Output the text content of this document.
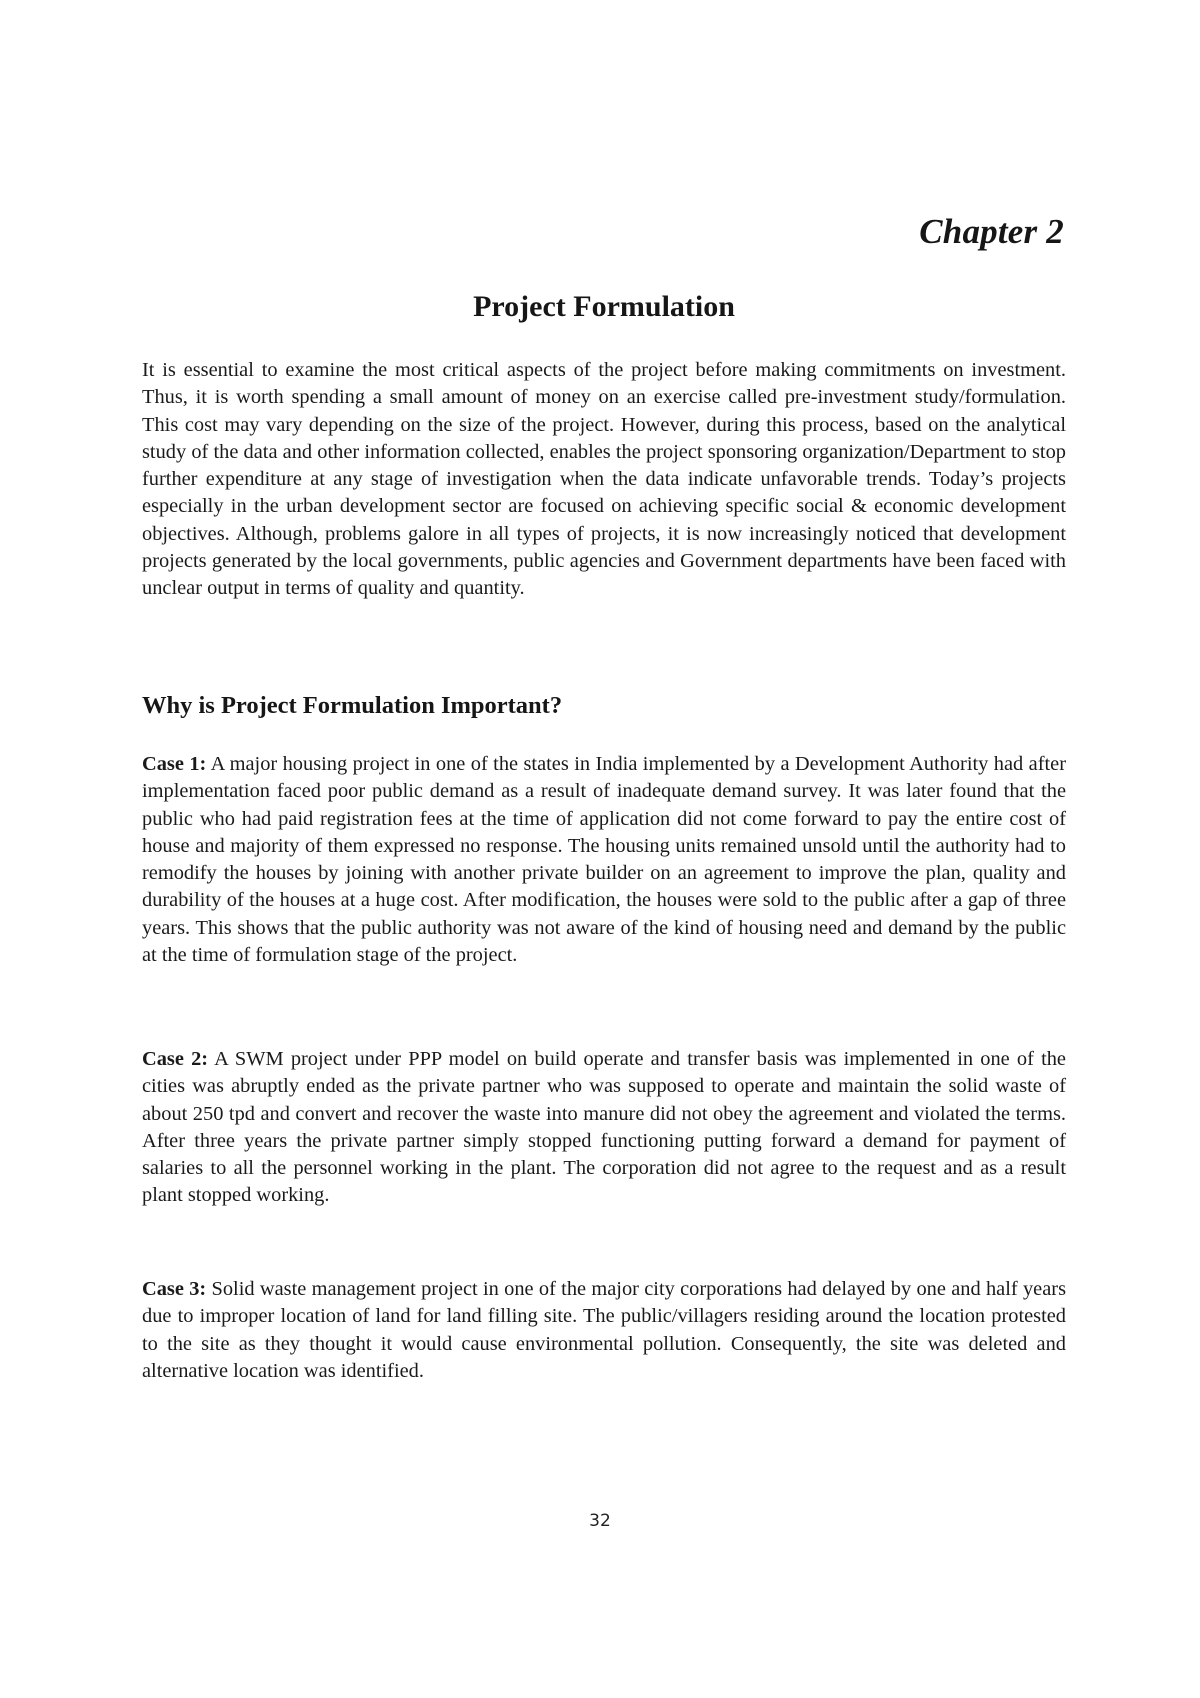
Chapter 2
Project Formulation

It is essential to examine the most critical aspects of the project before making commitments on investment. Thus, it is worth spending a small amount of money on an exercise called pre-investment study/formulation. This cost may vary depending on the size of the project. However, during this process, based on the analytical study of the data and other information collected, enables the project sponsoring organization/Department to stop further expenditure at any stage of investigation when the data indicate unfavorable trends. Today’s projects especially in the urban development sector are focused on achieving specific social & economic development objectives. Although, problems galore in all types of projects, it is now increasingly noticed that development projects generated by the local governments, public agencies and Government departments have been faced with unclear output in terms of quality and quantity.

Why is Project Formulation Important?

Case 1: A major housing project in one of the states in India implemented by a Development Authority had after implementation faced poor public demand as a result of inadequate demand survey. It was later found that the public who had paid registration fees at the time of application did not come forward to pay the entire cost of house and majority of them expressed no response. The housing units remained unsold until the authority had to remodify the houses by joining with another private builder on an agreement to improve the plan, quality and durability of the houses at a huge cost. After modification, the houses were sold to the public after a gap of three years. This shows that the public authority was not aware of the kind of housing need and demand by the public at the time of formulation stage of the project.

Case 2: A SWM project under PPP model on build operate and transfer basis was implemented in one of the cities was abruptly ended as the private partner who was supposed to operate and maintain the solid waste of about 250 tpd and convert and recover the waste into manure did not obey the agreement and violated the terms. After three years the private partner simply stopped functioning putting forward a demand for payment of salaries to all the personnel working in the plant. The corporation did not agree to the request and as a result plant stopped working.

Case 3: Solid waste management project in one of the major city corporations had delayed by one and half years due to improper location of land for land filling site. The public/villagers residing around the location protested to the site as they thought it would cause environmental pollution. Consequently, the site was deleted and alternative location was identified.

32
